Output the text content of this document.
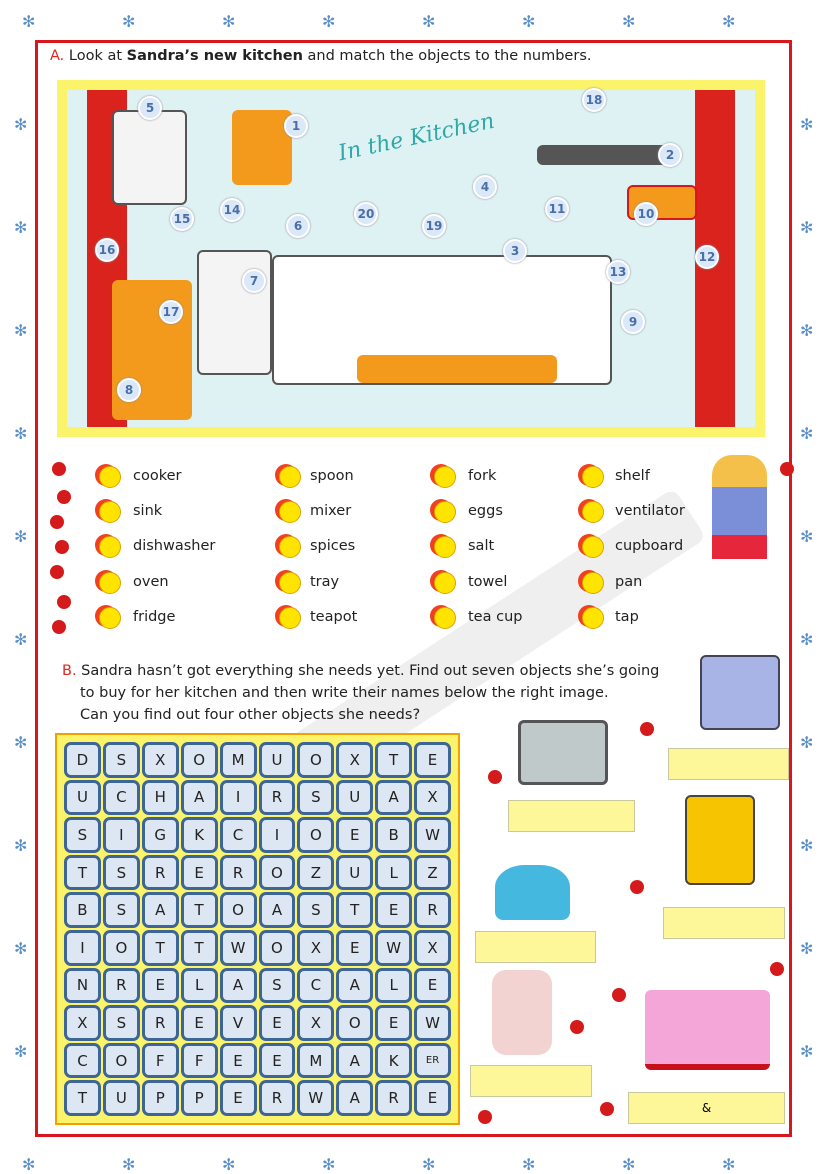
✻
✻
✻
✻
✻
✻
✻
✻
✻
✻
✻
✻
✻
✻
✻
✻
✻	✻
✻	✻
✻	✻
✻	✻
✻	✻
✻	✻
✻	✻
✻	✻
✻	✻
✻	✻
A. Look at Sandra’s new kitchen and match the objects to the numbers.
In the Kitchen
1
2
3
4
5
6
7
8
9
10
11
12
13
14
15
16
17
18
19
20
cooker
sink
dishwasher
oven
fridge
spoon
mixer
spices
tray
teapot
fork
eggs
salt
towel
tea cup
shelf
ventilator
cupboard
pan
tap
B. Sandra hasn’t got everything she needs yet. Find out seven objects she’s going
to buy for her kitchen and then write their names below the right image.
Can you find out four other objects she needs?
D	S	X	O	M	U	O	X	T	E
U	C	H	A	I	R	S	U	A	X
S	I	G	K	C	I	O	E	B	W
T	S	R	E	R	O	Z	U	L	Z
B	S	A	T	O	A	S	T	E	R
I	O	T	T	W	O	X	E	W	X
N	R	E	L	A	S	C	A	L	E
X	S	R	E	V	E	X	O	E	W
C	O	F	F	E	E	M	A	K	ER
T	U	P	P	E	R	W	A	R	E
&
